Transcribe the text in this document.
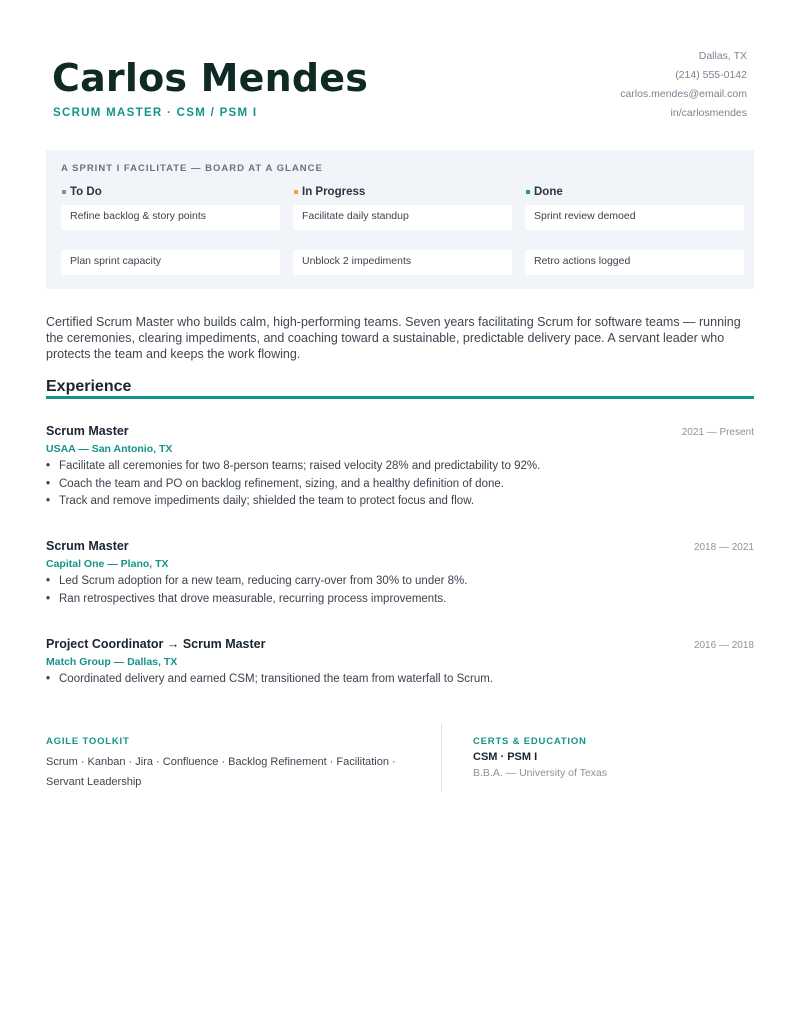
Carlos Mendes
SCRUM MASTER · CSM / PSM I
Dallas, TX
(214) 555-0142
carlos.mendes@email.com
in/carlosmendes
A SPRINT I FACILITATE — BOARD AT A GLANCE
To Do
Refine backlog & story points
Plan sprint capacity
In Progress
Facilitate daily standup
Unblock 2 impediments
Done
Sprint review demoed
Retro actions logged

Certified Scrum Master who builds calm, high-performing teams. Seven years facilitating Scrum for software teams — running the ceremonies, clearing impediments, and coaching toward a sustainable, predictable delivery pace. A servant leader who protects the team and keeps the work flowing.

Experience
Scrum Master	2021 — Present
USAA — San Antonio, TX
• Facilitate all ceremonies for two 8-person teams; raised velocity 28% and predictability to 92%.
• Coach the team and PO on backlog refinement, sizing, and a healthy definition of done.
• Track and remove impediments daily; shielded the team to protect focus and flow.
Scrum Master	2018 — 2021
Capital One — Plano, TX
• Led Scrum adoption for a new team, reducing carry-over from 30% to under 8%.
• Ran retrospectives that drove measurable, recurring process improvements.
Project Coordinator → Scrum Master	2016 — 2018
Match Group — Dallas, TX
• Coordinated delivery and earned CSM; transitioned the team from waterfall to Scrum.
AGILE TOOLKIT
Scrum · Kanban · Jira · Confluence · Backlog Refinement · Facilitation · Servant Leadership
CERTS & EDUCATION
CSM · PSM I
B.B.A. — University of Texas
